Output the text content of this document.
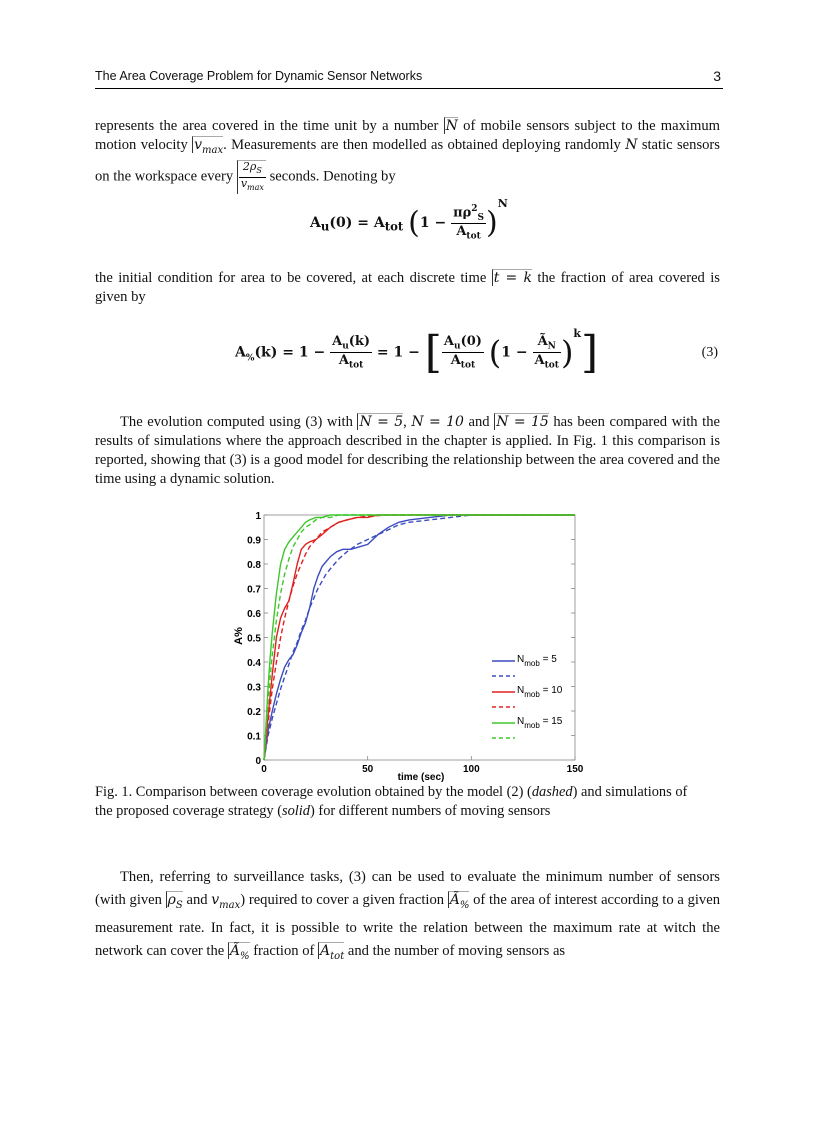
The Area Coverage Problem for Dynamic Sensor Networks	3
represents the area covered in the time unit by a number N of mobile sensors subject to the maximum motion velocity $v_{max}$. Measurements are then modelled as obtained deploying randomly N static sensors on the workspace every $\frac{2\rho_S}{v_{max}}$ seconds. Denoting by
$A_u(0) = A_{tot}$ $(1 - \frac{\pi\rho^2_S}{A_{tot}} )^N$
the initial condition for area to be covered, at each discrete time t = k the fraction of area covered is given by
$A_{\%}(k) = 1 - \frac{A_u(k)}{A_{tot}} = 1$ − [ $\frac{A_u(0)}{A_{tot}} (1 - \frac{Ã_N}{A_{tot}} )^k$]	(3)
The evolution computed using (3) with N = 5, N = 10 and N = 15 has been compared with the results of simulations where the approach described in the chapter is applied. In Fig. 1 this comparison is reported, showing that (3) is a good model for describing the relationship between the area covered and the time using a dynamic solution.
0
0.1
0.2
0.3
0.4
0.5
0.6
0.7
0.8
0.9
1
0	50	100	150
A%
time (sec)
$N_{mob} = 5$
$N_{mob} = 10$
$N_{mob} = 15$
Fig. 1. Comparison between coverage evolution obtained by the model (2) (dashed) and simulations of the proposed coverage strategy (solid) for different numbers of moving sensors
Then, referring to surveillance tasks, (3) can be used to evaluate the minimum number of sensors (with given $\rho_S$ and $v_{max}$) required to cover a given fraction $Ã_{\%}$ of the area of interest according to a given measurement rate. In fact, it is possible to write the relation between the maximum rate at witch the network can cover the $Ã_{\%}$ fraction of $A_{tot}$ and the number of moving sensors as
